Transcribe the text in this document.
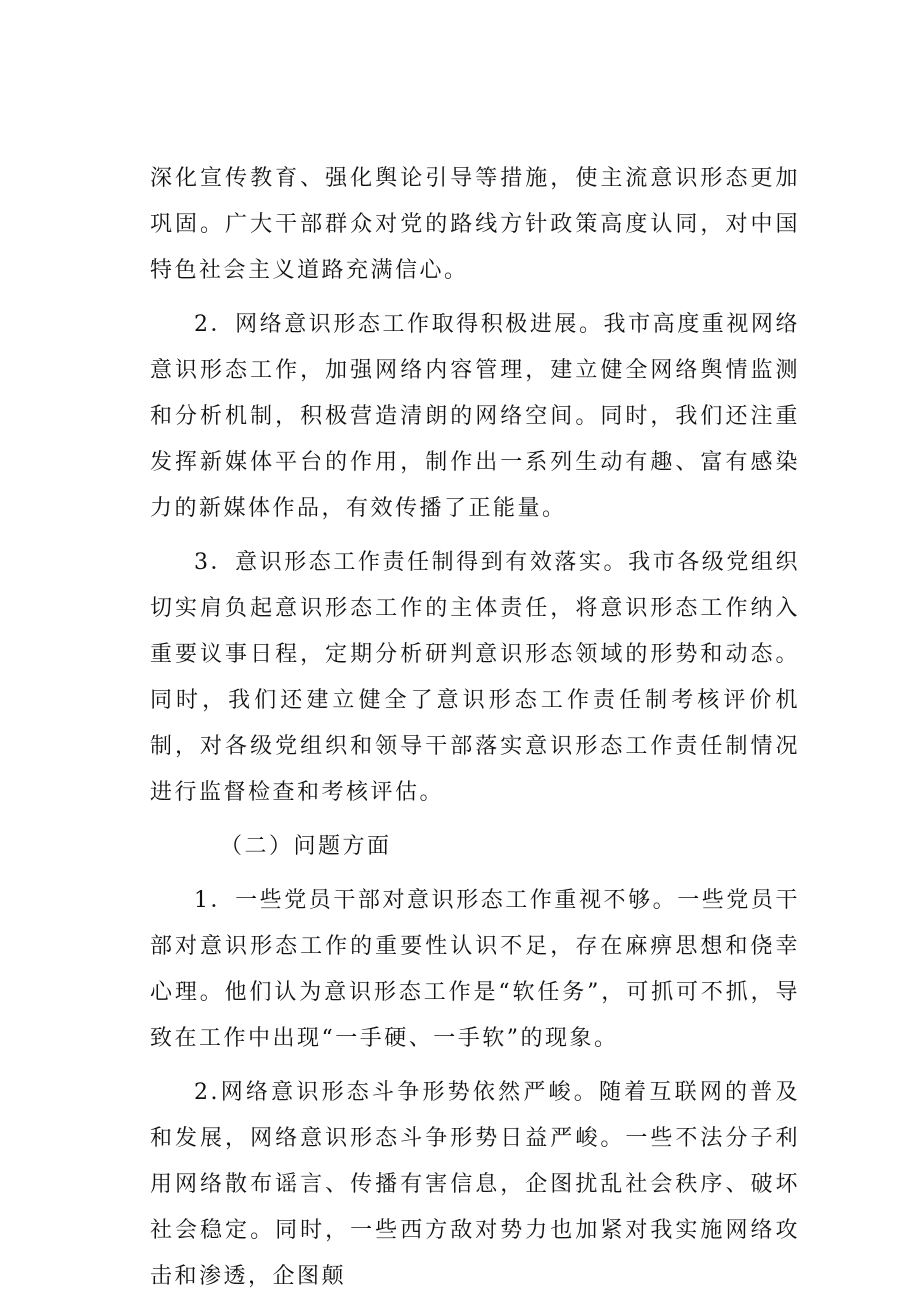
深化宣传教育、强化舆论引导等措施，使主流意识形态更加巩固。广大干部群众对党的路线方针政策高度认同，对中国特色社会主义道路充满信心。

2．网络意识形态工作取得积极进展。我市高度重视网络意识形态工作，加强网络内容管理，建立健全网络舆情监测和分析机制，积极营造清朗的网络空间。同时，我们还注重发挥新媒体平台的作用，制作出一系列生动有趣、富有感染力的新媒体作品，有效传播了正能量。

3．意识形态工作责任制得到有效落实。我市各级党组织切实肩负起意识形态工作的主体责任，将意识形态工作纳入重要议事日程，定期分析研判意识形态领域的形势和动态。同时，我们还建立健全了意识形态工作责任制考核评价机制，对各级党组织和领导干部落实意识形态工作责任制情况进行监督检查和考核评估。

（二）问题方面

1．一些党员干部对意识形态工作重视不够。一些党员干部对意识形态工作的重要性认识不足，存在麻痹思想和侥幸心理。他们认为意识形态工作是“软任务”，可抓可不抓，导致在工作中出现“一手硬、一手软”的现象。

2.网络意识形态斗争形势依然严峻。随着互联网的普及和发展，网络意识形态斗争形势日益严峻。一些不法分子利用网络散布谣言、传播有害信息，企图扰乱社会秩序、破坏社会稳定。同时，一些西方敌对势力也加紧对我实施网络攻击和渗透，企图颠
